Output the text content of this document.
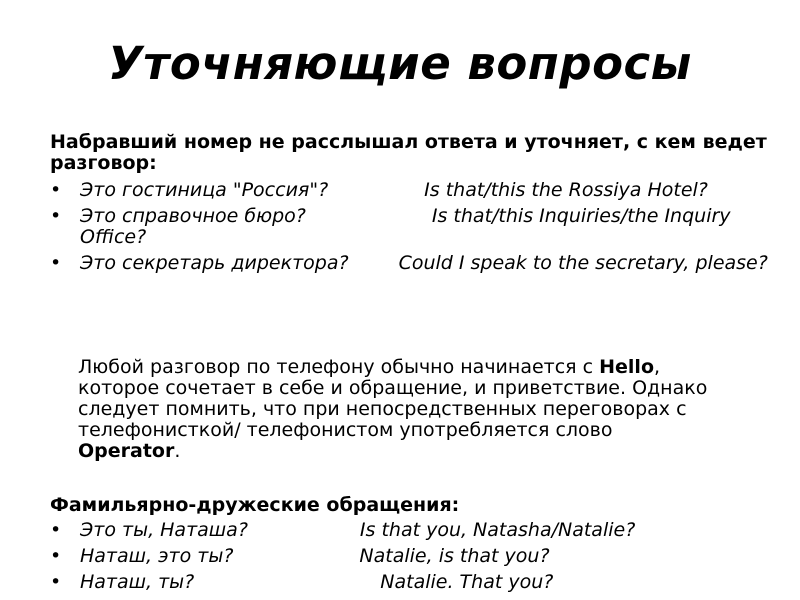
Уточняющие вопросы
Набравший номер не расслышал ответа и уточняет, с кем ведет разговор:
• Это гостиница "Россия"?	Is that/this the Rossiya Hotel?
• Это справочное бюро?	Is that/this Inquiries/the Inquiry Office?
• Это секретарь директора?	Could I speak to the secretary, please?
Любой разговор по телефону обычно начинается с Hello, которое сочетает в себе и обращение, и приветствие. Однако следует помнить, что при непосредственных переговорах с телефонисткой/ телефонистом употребляется слово Operator.
Фамильярно-дружеские обращения:
• Это ты, Наташа?	Is that you, Natasha/Natalie?
• Наташ, это ты?	Natalie, is that you?
• Наташ, ты?	Natalie. That you?
